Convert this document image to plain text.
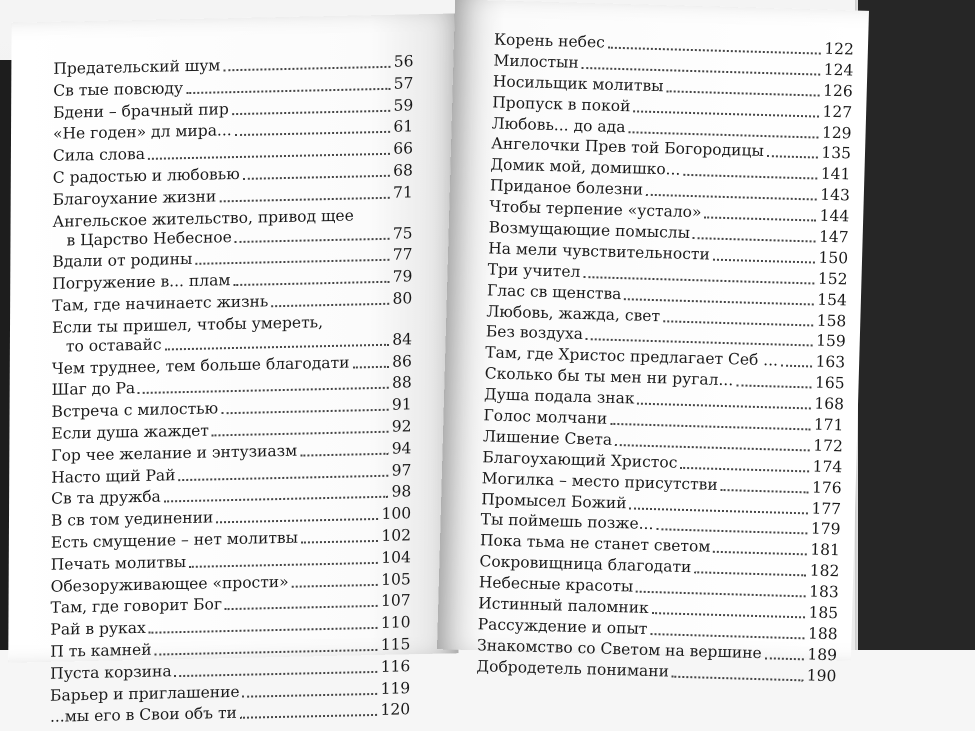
Предательский шум	56
Св тые повсюду	57
Бдени – брачный пир	59
«Не годен» дл мира...	61
Сила слова	66
С радостью и любовью	68
Благоухание жизни	71
Ангельское жительство, привод щее
в Царство Небесное	75
Вдали от родины	77
Погружение в... плам	79
Там, где начинаетс жизнь	80
Если ты пришел, чтобы умереть,
то оставайс	84
Чем труднее, тем больше благодати	86
Шаг до Ра	88
Встреча с милостью	91
Если душа жаждет	92
Гор чее желание и энтузиазм	94
Насто щий Рай	97
Св та дружба	98
В св том уединении	100
Есть смущение – нет молитвы	102
Печать молитвы	104
Обезоруживающее «прости»	105
Там, где говорит Бог	107
Рай в руках	110
П ть камней	115
Пуста корзина	116
Барьер и приглашение	119
...мы его в Свои объ ти	120
Корень небес	122
Милостын	124
Носильщик молитвы	126
Пропуск в покой	127
Любовь... до ада	129
Ангелочки Прев той Богородицы	135
Домик мой, домишко...	141
Приданое болезни	143
Чтобы терпение «устало»	144
Возмущающие помыслы	147
На мели чувствительности	150
Три учител	152
Глас св щенства	154
Любовь, жажда, свет	158
Без воздуха	159
Там, где Христос предлагает Себ ... 163
Сколько бы ты мен ни ругал...	165
Душа подала знак	168
Голос молчани	171
Лишение Света	172
Благоухающий Христос	174
Могилка – место присутстви	176
Промысел Божий	177
Ты поймешь позже...	179
Пока тьма не станет светом	181
Сокровищница благодати	182
Небесные красоты	183
Истинный паломник	185
Рассуждение и опыт	188
Знакомство со Светом на вершине	189
Добродетель понимани	190
